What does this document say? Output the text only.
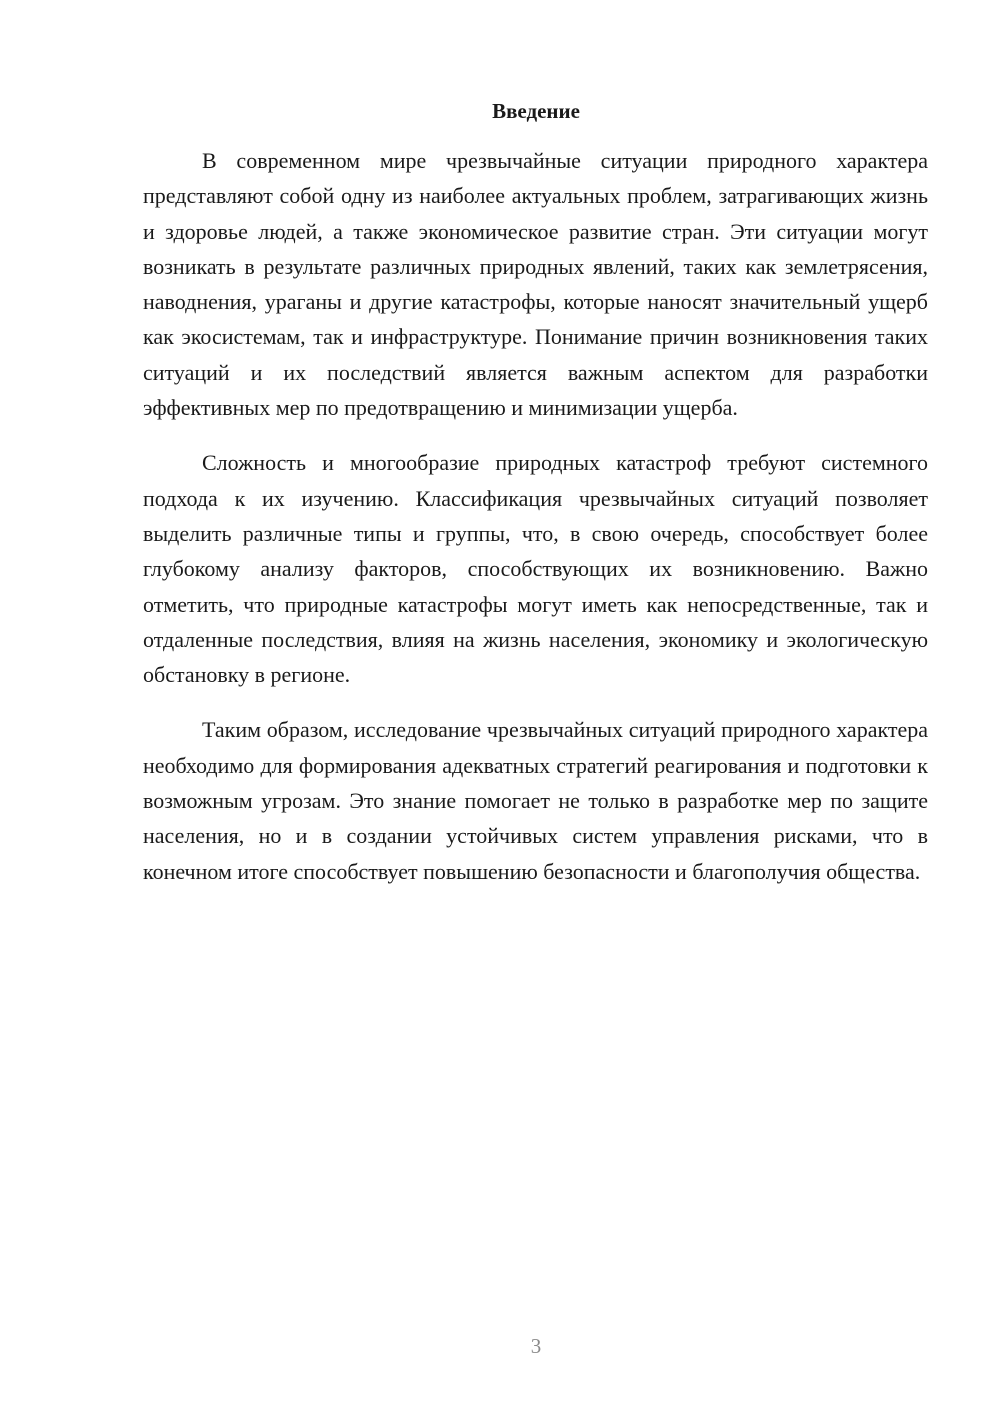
Введение

В современном мире чрезвычайные ситуации природного характера представляют собой одну из наиболее актуальных проблем, затрагивающих жизнь и здоровье людей, а также экономическое развитие стран. Эти ситуации могут возникать в результате различных природных явлений, таких как землетрясения, наводнения, ураганы и другие катастрофы, которые наносят значительный ущерб как экосистемам, так и инфраструктуре. Понимание причин возникновения таких ситуаций и их последствий является важным аспектом для разработки эффективных мер по предотвращению и минимизации ущерба.

Сложность и многообразие природных катастроф требуют системного подхода к их изучению. Классификация чрезвычайных ситуаций позволяет выделить различные типы и группы, что, в свою очередь, способствует более глубокому анализу факторов, способствующих их возникновению. Важно отметить, что природные катастрофы могут иметь как непосредственные, так и отдаленные последствия, влияя на жизнь населения, экономику и экологическую обстановку в регионе.

Таким образом, исследование чрезвычайных ситуаций природного характера необходимо для формирования адекватных стратегий реагирования и подготовки к возможным угрозам. Это знание помогает не только в разработке мер по защите населения, но и в создании устойчивых систем управления рисками, что в конечном итоге способствует повышению безопасности и благополучия общества.

3
